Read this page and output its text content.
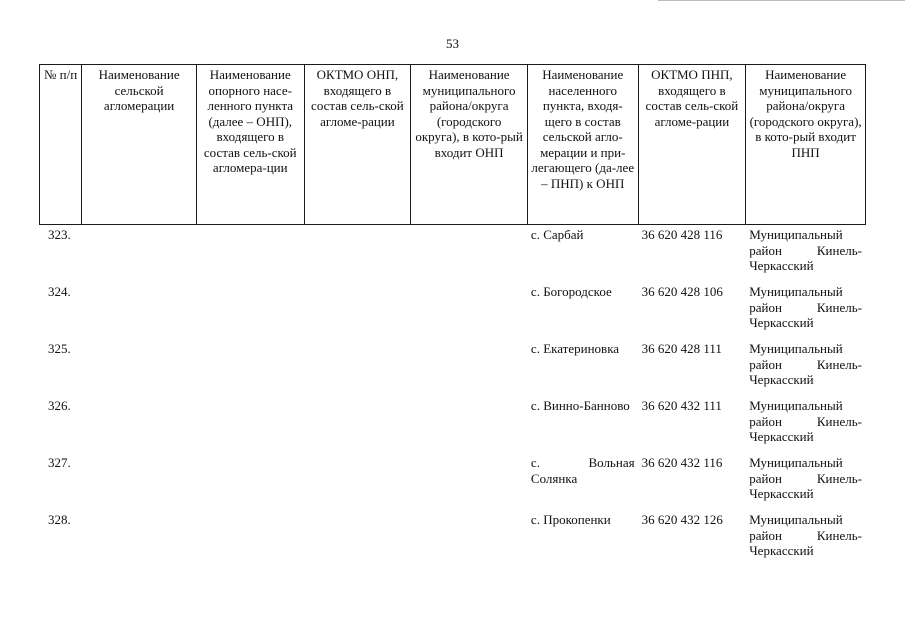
53
№ п/п	Наименование сельской агломерации	Наименование опорного насе-ленного пункта (далее – ОНП), входящего в состав сель-ской агломера-ции	ОКТМО ОНП, входящего в состав сель-ской агломе-рации	Наименование муниципального района/округа (городского округа), в кото-рый входит ОНП	Наименование населенного пункта, входя-щего в состав сельской агло-мерации и при-легающего (да-лее – ПНП) к ОНП	ОКТМО ПНП, входящего в состав сель-ской агломе-рации	Наименование муниципального района/округа (городского округа), в кото-рый входит ПНП
323.					с. Сарбай	36 620 428 116	Муниципальный район Кинель-Черкасский
324.					с. Богородское	36 620 428 106	Муниципальный район Кинель-Черкасский
325.					с. Екатериновка	36 620 428 111	Муниципальный район Кинель-Черкасский
326.					с. Винно-Банново	36 620 432 111	Муниципальный район Кинель-Черкасский
327.					с. Вольная Солянка	36 620 432 116	Муниципальный район Кинель-Черкасский
328.					с. Прокопенки	36 620 432 126	Муниципальный район Кинель-Черкасский
